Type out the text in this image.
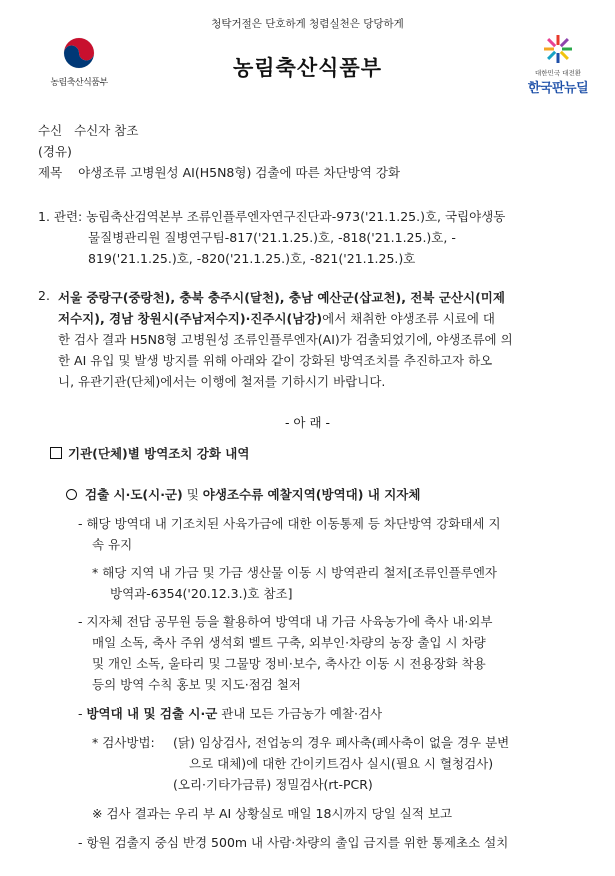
청탁거절은 단호하게 청렴실천은 당당하게
농림축산식품부
농림축산식품부	대한민국 대전환
한국판뉴딜
수신 수신자 참조
(경유)
제목 야생조류 고병원성 AI(H5N8형) 검출에 따른 차단방역 강화
1. 관련: 농림축산검역본부 조류인플루엔자연구진단과-973('21.1.25.)호, 국립야생동
물질병관리원 질병연구팀-817('21.1.25.)호, -818('21.1.25.)호, -
819('21.1.25.)호, -820('21.1.25.)호, -821('21.1.25.)호
2. 서울 중랑구(중랑천), 충북 충주시(달천), 충남 예산군(삽교천), 전북 군산시(미제
저수지), 경남 창원시(주남저수지)·진주시(남강)에서 채취한 야생조류 시료에 대
한 검사 결과 H5N8형 고병원성 조류인플루엔자(AI)가 검출되었기에, 야생조류에 의
한 AI 유입 및 발생 방지를 위해 아래와 같이 강화된 방역조치를 추진하고자 하오
니, 유관기관(단체)에서는 이행에 철저를 기하시기 바랍니다.
- 아 래 -
기관(단체)별 방역조치 강화 내역
검출 시·도(시·군) 및 야생조수류 예찰지역(방역대) 내 지자체
- 해당 방역대 내 기조치된 사육가금에 대한 이동통제 등 차단방역 강화태세 지
속 유지
* 해당 지역 내 가금 및 가금 생산물 이동 시 방역관리 철저[조류인플루엔자
방역과-6354('20.12.3.)호 참조]
- 지자체 전담 공무원 등을 활용하여 방역대 내 가금 사육농가에 축사 내·외부
매일 소독, 축사 주위 생석회 벨트 구축, 외부인·차량의 농장 출입 시 차량
및 개인 소독, 울타리 및 그물망 정비·보수, 축사간 이동 시 전용장화 착용
등의 방역 수칙 홍보 및 지도·점검 철저
- 방역대 내 및 검출 시·군 관내 모든 가금농가 예찰·검사
* 검사방법: (닭) 임상검사, 전업농의 경우 폐사축(폐사축이 없을 경우 분변
으로 대체)에 대한 간이키트검사 실시(필요 시 혈청검사)
(오리·기타가금류) 정밀검사(rt-PCR)
※ 검사 결과는 우리 부 AI 상황실로 매일 18시까지 당일 실적 보고
- 항원 검출지 중심 반경 500m 내 사람·차량의 출입 금지를 위한 통제초소 설치
